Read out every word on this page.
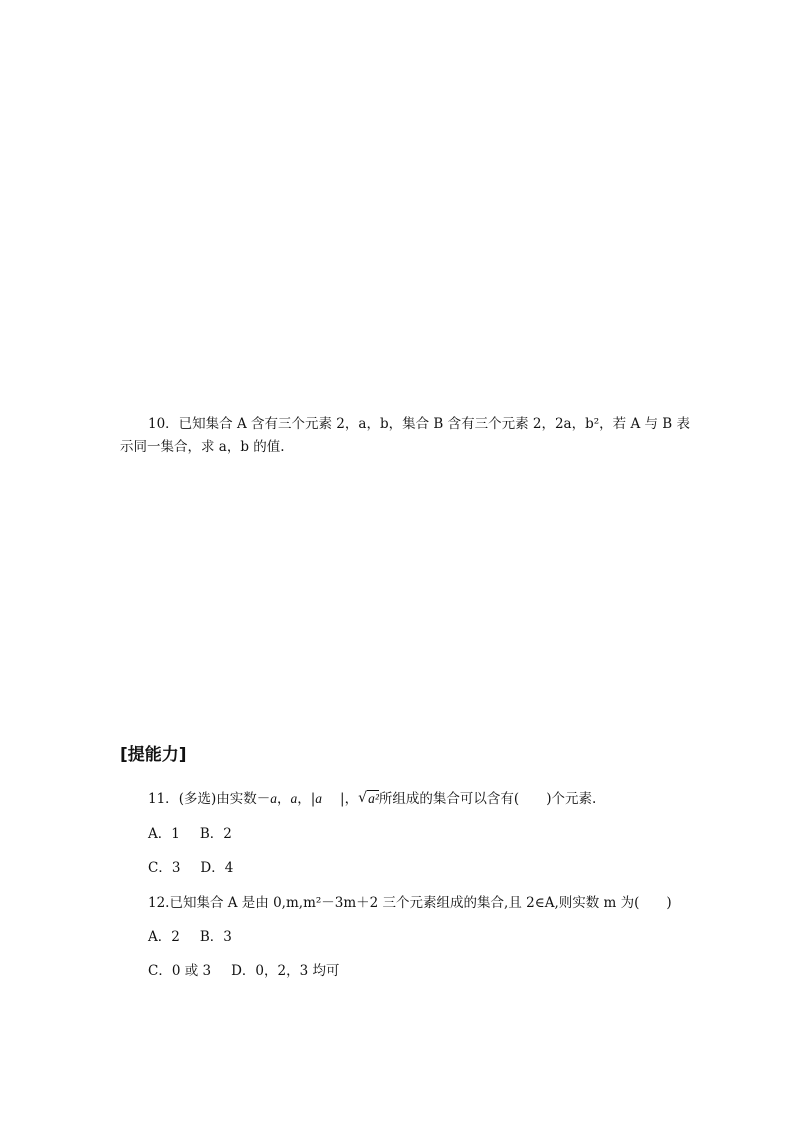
10．已知集合 A 含有三个元素 2，a，b，集合 B 含有三个元素 2，2a，b²，若 A 与 B 表
示同一集合，求 a，b 的值.
[提能力]
11．(多选)由实数－a，a，|a |， √ a²所组成的集合可以含有(　　)个元素.
A．1 B．2
C．3 D．4
12.已知集合 A 是由 0,m,m²－3m＋2 三个元素组成的集合,且 2∈A,则实数 m 为(　　)
A．2 B．3
C．0 或 3 D．0，2，3 均可
